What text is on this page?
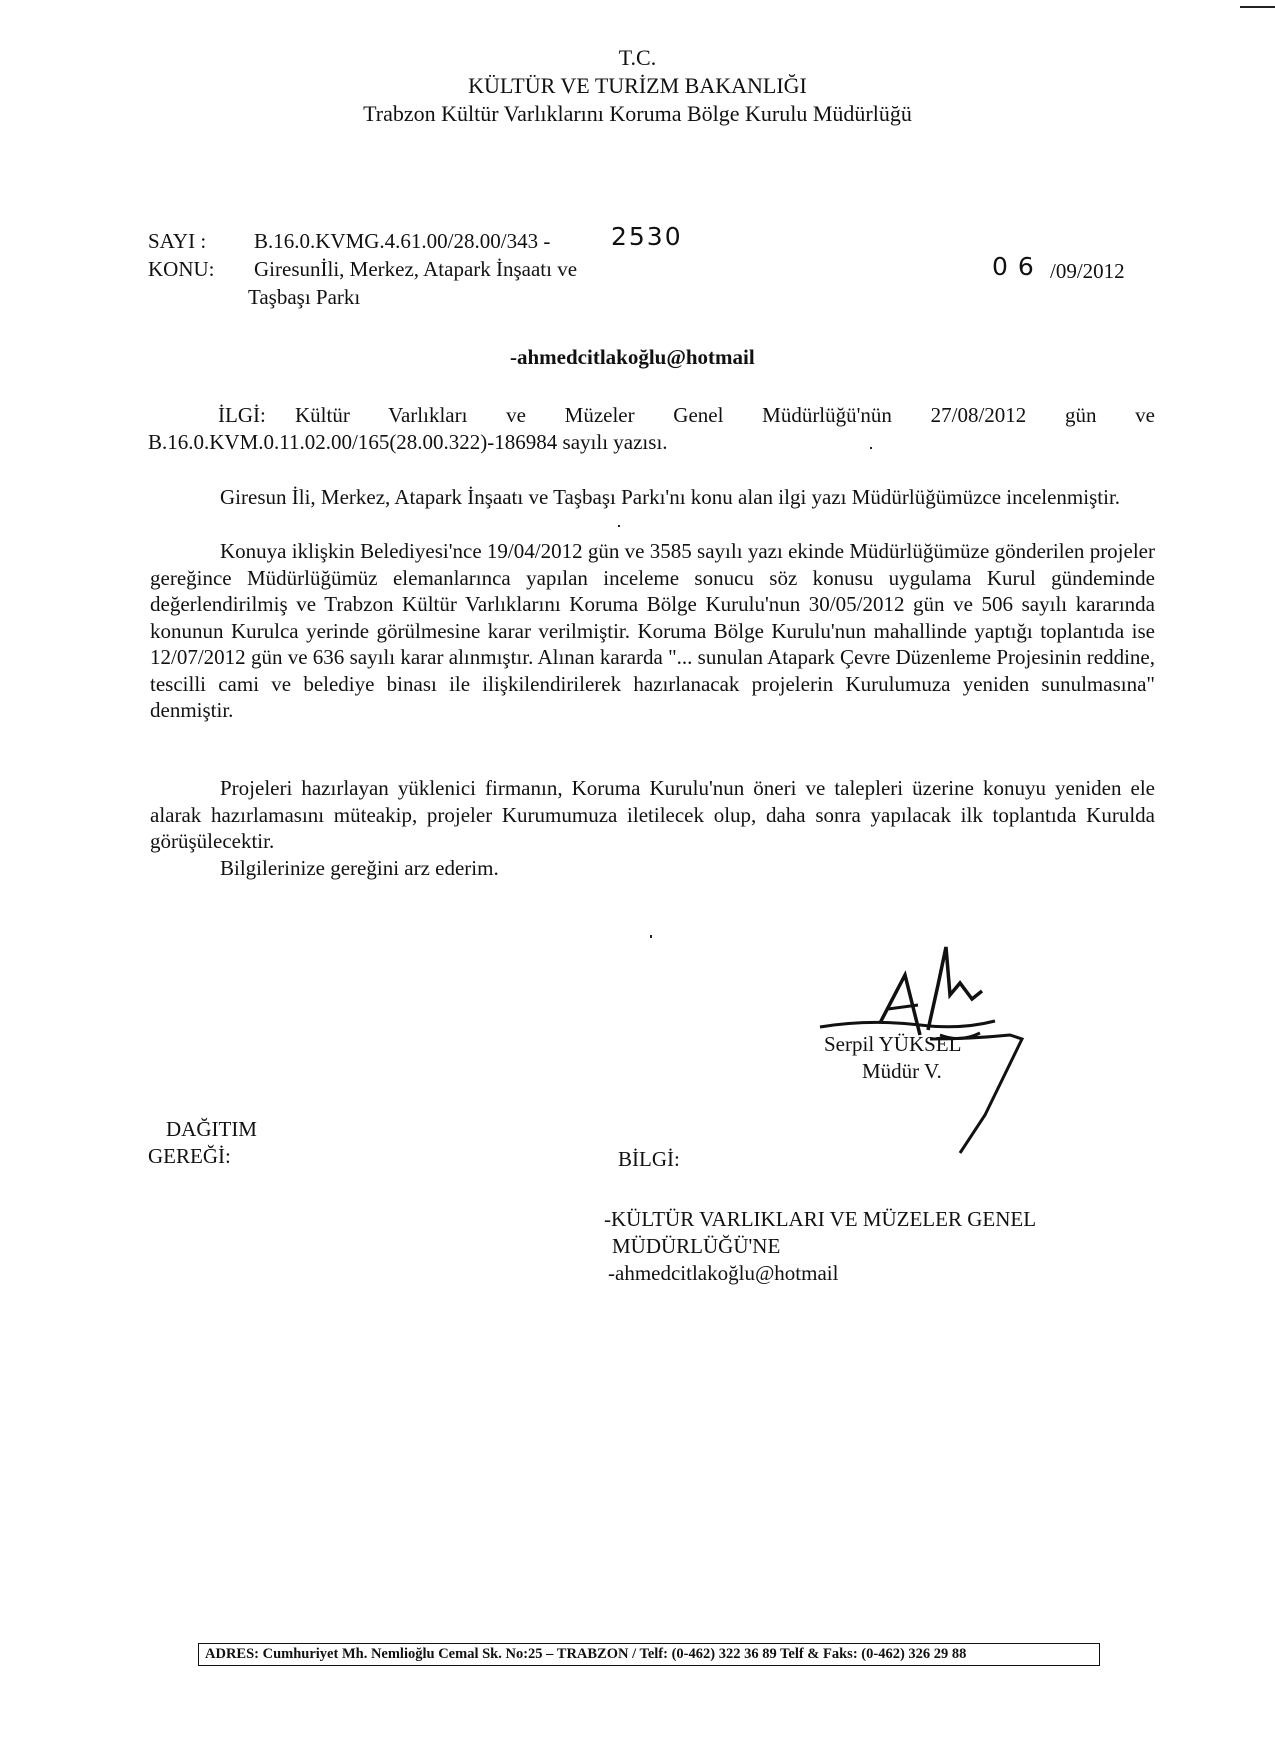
T.C.
KÜLTÜR VE TURİZM BAKANLIĞI
Trabzon Kültür Varlıklarını Koruma Bölge Kurulu Müdürlüğü
SAYI : B.16.0.KVMG.4.61.00/28.00/343 - 2530
KONU: Giresunİli, Merkez, Atapark İnşaatı ve
Taşbaşı Parkı
06 /09/2012
-ahmedcitlakoğlu@hotmail
İLGİ: Kültür Varlıkları ve Müzeler Genel Müdürlüğü'nün 27/08/2012 gün ve
B.16.0.KVM.0.11.02.00/165(28.00.322)-186984 sayılı yazısı.
Giresun İli, Merkez, Atapark İnşaatı ve Taşbaşı Parkı'nı konu alan ilgi yazı Müdürlüğümüzce incelenmiştir.
Konuya iklişkin Belediyesi'nce 19/04/2012 gün ve 3585 sayılı yazı ekinde Müdürlüğümüze gönderilen projeler gereğince Müdürlüğümüz elemanlarınca yapılan inceleme sonucu söz konusu uygulama Kurul gündeminde değerlendirilmiş ve Trabzon Kültür Varlıklarını Koruma Bölge Kurulu'nun 30/05/2012 gün ve 506 sayılı kararında konunun Kurulca yerinde görülmesine karar verilmiştir. Koruma Bölge Kurulu'nun mahallinde yaptığı toplantıda ise 12/07/2012 gün ve 636 sayılı karar alınmıştır. Alınan kararda "... sunulan Atapark Çevre Düzenleme Projesinin reddine, tescilli cami ve belediye binası ile ilişkilendirilerek hazırlanacak projelerin Kurulumuza yeniden sunulmasına" denmiştir.
Projeleri hazırlayan yüklenici firmanın, Koruma Kurulu'nun öneri ve talepleri üzerine konuyu yeniden ele alarak hazırlamasını müteakip, projeler Kurumumuza iletilecek olup, daha sonra yapılacak ilk toplantıda Kurulda görüşülecektir.
Bilgilerinize gereğini arz ederim.
Serpil YÜKSEL
Müdür V.
DAĞITIM
GEREĞİ:	BİLGİ:
-KÜLTÜR VARLIKLARI VE MÜZELER GENEL
MÜDÜRLÜĞÜ'NE
-ahmedcitlakoğlu@hotmail
ADRES: Cumhuriyet Mh. Nemlioğlu Cemal Sk. No:25 – TRABZON / Telf: (0-462) 322 36 89 Telf & Faks: (0-462) 326 29 88
